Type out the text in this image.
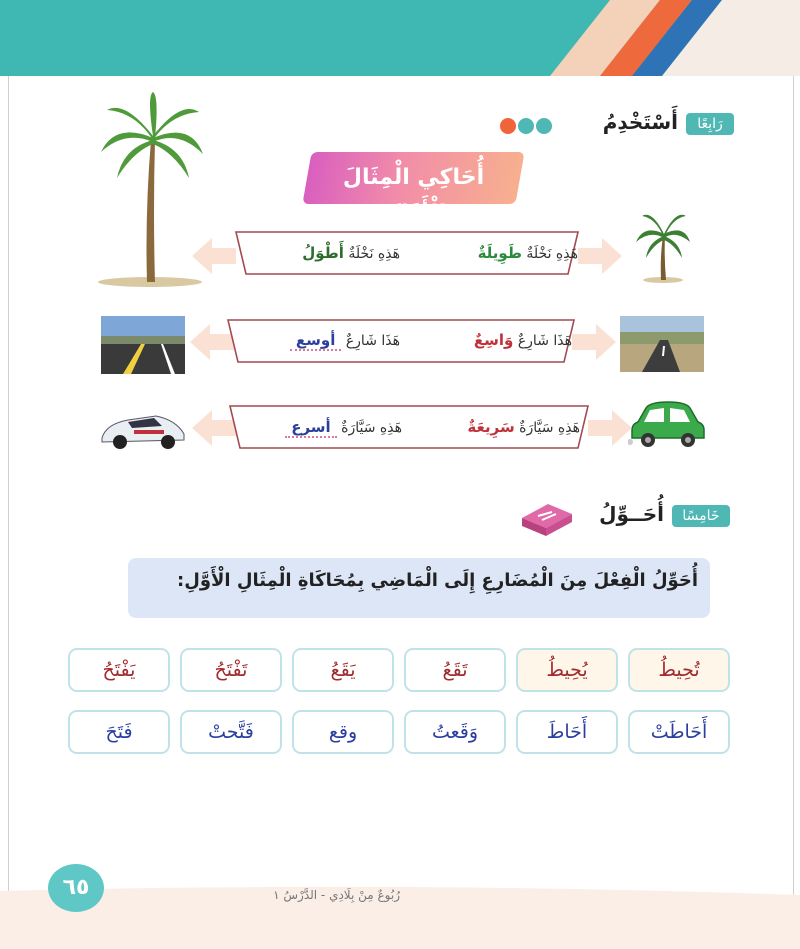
رَابِعًا
أَسْتَخْدِمُ
أُحَاكِي الْمِثَالَ الْأَوَّلَ:
هَذِهِ نَخْلَةٌ طَوِيلَةٌ
هَذِهِ نَخْلَةٌ أَطْوَلُ
هَذَا شَارِعٌ وَاسِعٌ
هَذَا شَارِعٌ أوسع
هَذِهِ سَيَّارَةٌ سَرِيعَةٌ
هَذِهِ سَيَّارَةٌ أسرع
خَامِسًا
أُحَــوِّلُ
أُحَوِّلُ الْفِعْلَ مِنَ الْمُضَارِعِ إِلَى الْمَاضِي بِمُحَاكَاةِ الْمِثَالِ الْأَوَّلِ:
تُحِيطُ
يُحِيطُ
تَقَعُ
يَقَعُ
تَفْتَحُ
يَفْتَحُ
أَحَاطَتْ
أَحَاطَ
وَقَعتُ
وقع
فَتَّحتْ
فَتَحَ
٦٥	رُبُوعٌ مِنْ بِلَادِي - الدَّرْسُ ١
